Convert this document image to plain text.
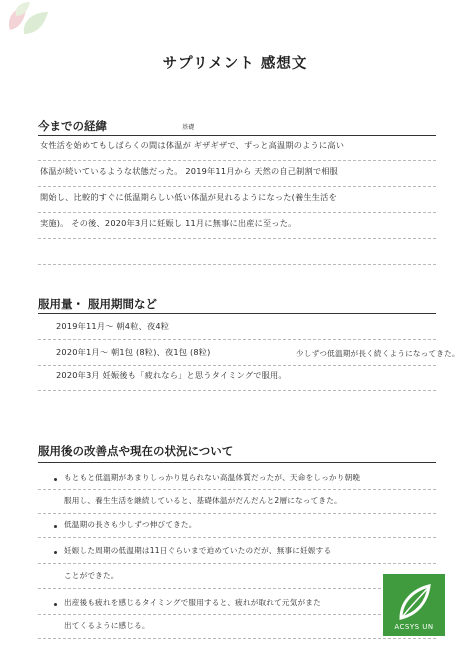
サプリメント 感想文
今までの経緯	基礎
女性活を始めてもしばらくの間は体温が ギザギザで、ずっと高温期のように高い
体温が続いているような状態だった。 2019年11月から 天然の自己制割で相服
開始し、比較的すぐに低温期らしい低い体温が見れるようになった(養生生活を
実施)。 その後、2020年3月に妊娠し 11月に無事に出産に至った。
服用量・ 服用期間など
2019年11月〜 朝4粒、夜4粒
2020年1月〜 朝1包 (8粒)、夜1包 (8粒)	少しずつ低温期が長く続くようになってきた。
2020年3月 妊娠後も「疲れなら」と思うタイミングで服用。
服用後の改善点や現在の状況について
もともと低温期があまりしっかり見られない高温体質だったが、天命をしっかり朝晩
服用し、養生生活を継続していると、基礎体温がだんだんと2層になってきた。
低温期の長さも少しずつ伸びてきた。
妊娠した周期の低温期は11日ぐらいまで迫めていたのだが、無事に妊娠する
ことができた。
出産後も疲れを感じるタイミングで服用すると、疲れが取れて元気がまた
出てくるように感じる。	ACSYS UN
